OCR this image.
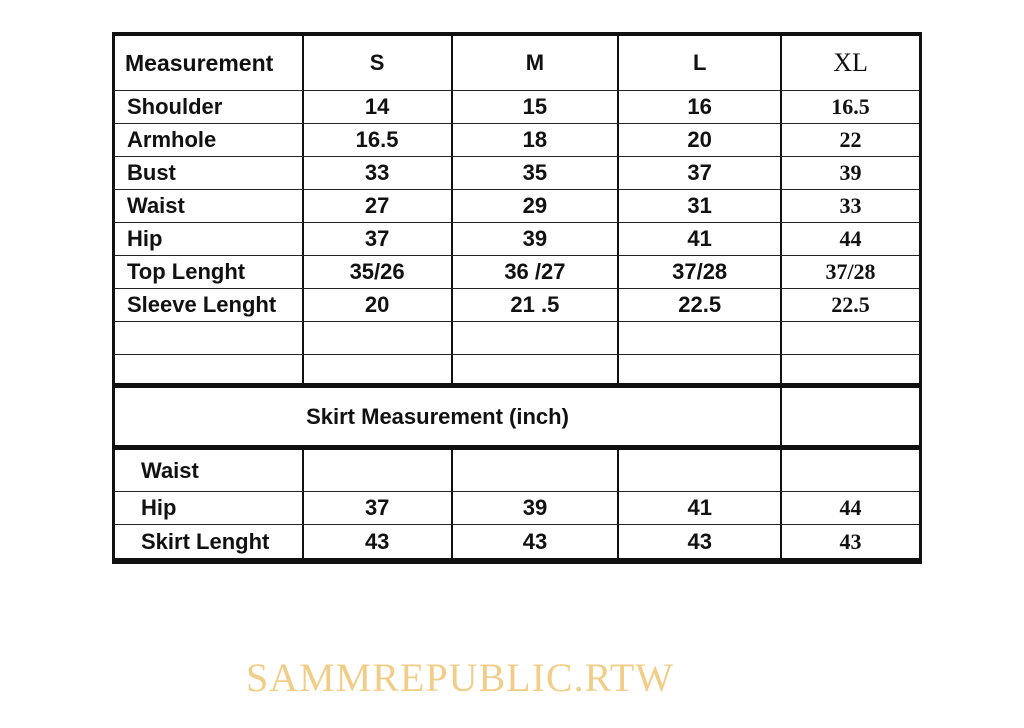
Measurement	S	M	L	XL
Shoulder	14	15	16	16.5
Armhole	16.5	18	20	22
Bust	33	35	37	39
Waist	27	29	31	33
Hip	37	39	41	44
Top Lenght	35/26	36 /27	37/28	37/28
Sleeve Lenght	20	21 .5	22.5	22.5
Skirt Measurement (inch)
Waist
Hip	37	39	41	44
Skirt Lenght	43	43	43	43
SAMMREPUBLIC.RTW
